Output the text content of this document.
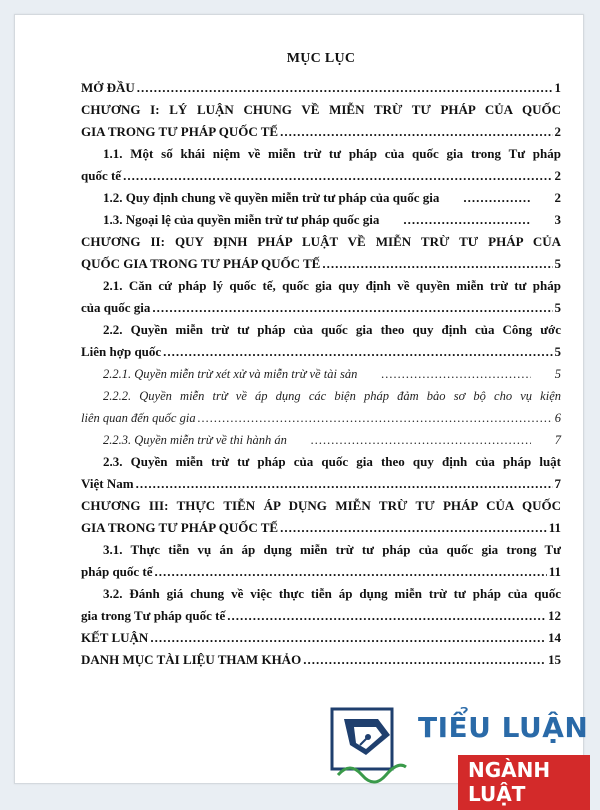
MỤC LỤC
MỞ ĐẦU .....	1
CHƯƠNG I: LÝ LUẬN CHUNG VỀ MIỄN TRỪ TƯ PHÁP CỦA QUỐC
GIA TRONG TƯ PHÁP QUỐC TẾ .....	2
1.1. Một số khái niệm về miễn trừ tư pháp của quốc gia trong Tư pháp
quốc tế .....	2
1.2. Quy định chung về quyền miễn trừ tư pháp của quốc gia .....	2
1.3. Ngoại lệ của quyền miễn trừ tư pháp quốc gia .....	3
CHƯƠNG II: QUY ĐỊNH PHÁP LUẬT VỀ MIỄN TRỪ TƯ PHÁP CỦA
QUỐC GIA TRONG TƯ PHÁP QUỐC TẾ .....	5
2.1. Căn cứ pháp lý quốc tế, quốc gia quy định về quyền miễn trừ tư pháp
của quốc gia .....	5
2.2. Quyền miễn trừ tư pháp của quốc gia theo quy định của Công ước
Liên hợp quốc .....	5
2.2.1. Quyền miễn trừ xét xử và miễn trừ về tài sản .....	5
2.2.2. Quyền miễn trừ về áp dụng các biện pháp đảm bảo sơ bộ cho vụ kiện
liên quan đến quốc gia .....	6
2.2.3. Quyền miễn trừ về thi hành án .....	7
2.3. Quyền miễn trừ tư pháp của quốc gia theo quy định của pháp luật
Việt Nam .....	7
CHƯƠNG III: THỰC TIỄN ÁP DỤNG MIỄN TRỪ TƯ PHÁP CỦA QUỐC
GIA TRONG TƯ PHÁP QUỐC TẾ .....	11
3.1. Thực tiễn vụ án áp dụng miễn trừ tư pháp của quốc gia trong Tư
pháp quốc tế .....	11
3.2. Đánh giá chung về việc thực tiễn áp dụng miễn trừ tư pháp của quốc
gia trong Tư pháp quốc tế .....	12
KẾT LUẬN .....	14
DANH MỤC TÀI LIỆU THAM KHẢO .....	15
TIỂU LUẬN
NGÀNH LUẬT
